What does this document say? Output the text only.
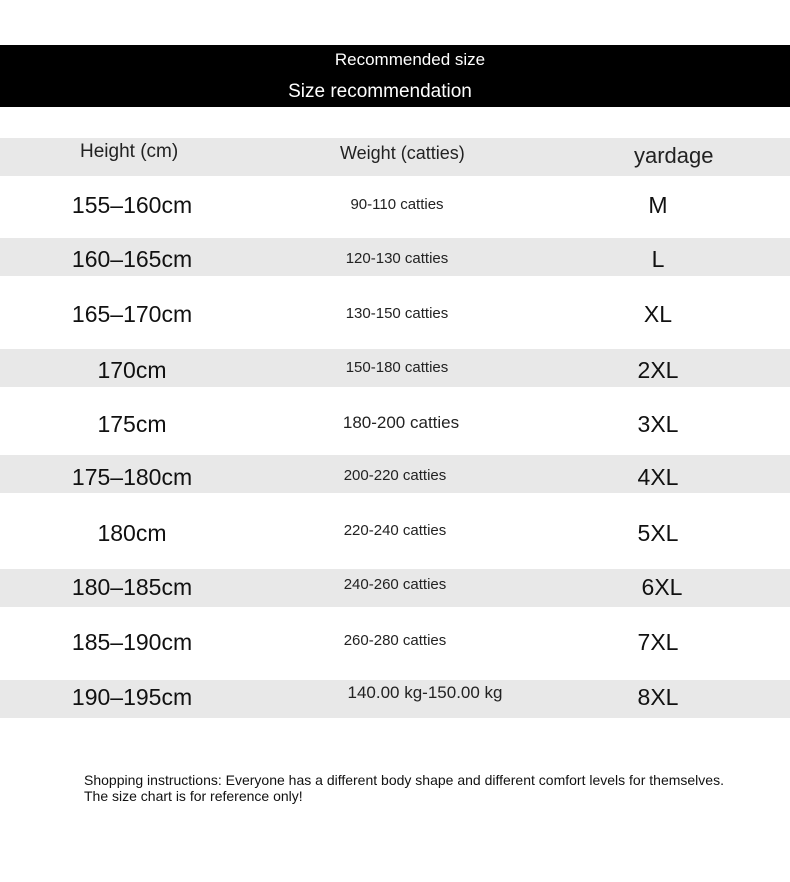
Recommended size
Size recommendation
Height (cm)	Weight (catties)	yardage
155–160cm	90-110 catties	M
160–165cm	120-130 catties	L
165–170cm	130-150 catties	XL
170cm	150-180 catties	2XL
175cm	180-200 catties	3XL
175–180cm	200-220 catties	4XL
180cm	220-240 catties	5XL
180–185cm	240-260 catties	6XL
185–190cm	260-280 catties	7XL
190–195cm	140.00 kg-150.00 kg	8XL
Shopping instructions: Everyone has a different body shape and different comfort levels for themselves. The size chart is for reference only!
